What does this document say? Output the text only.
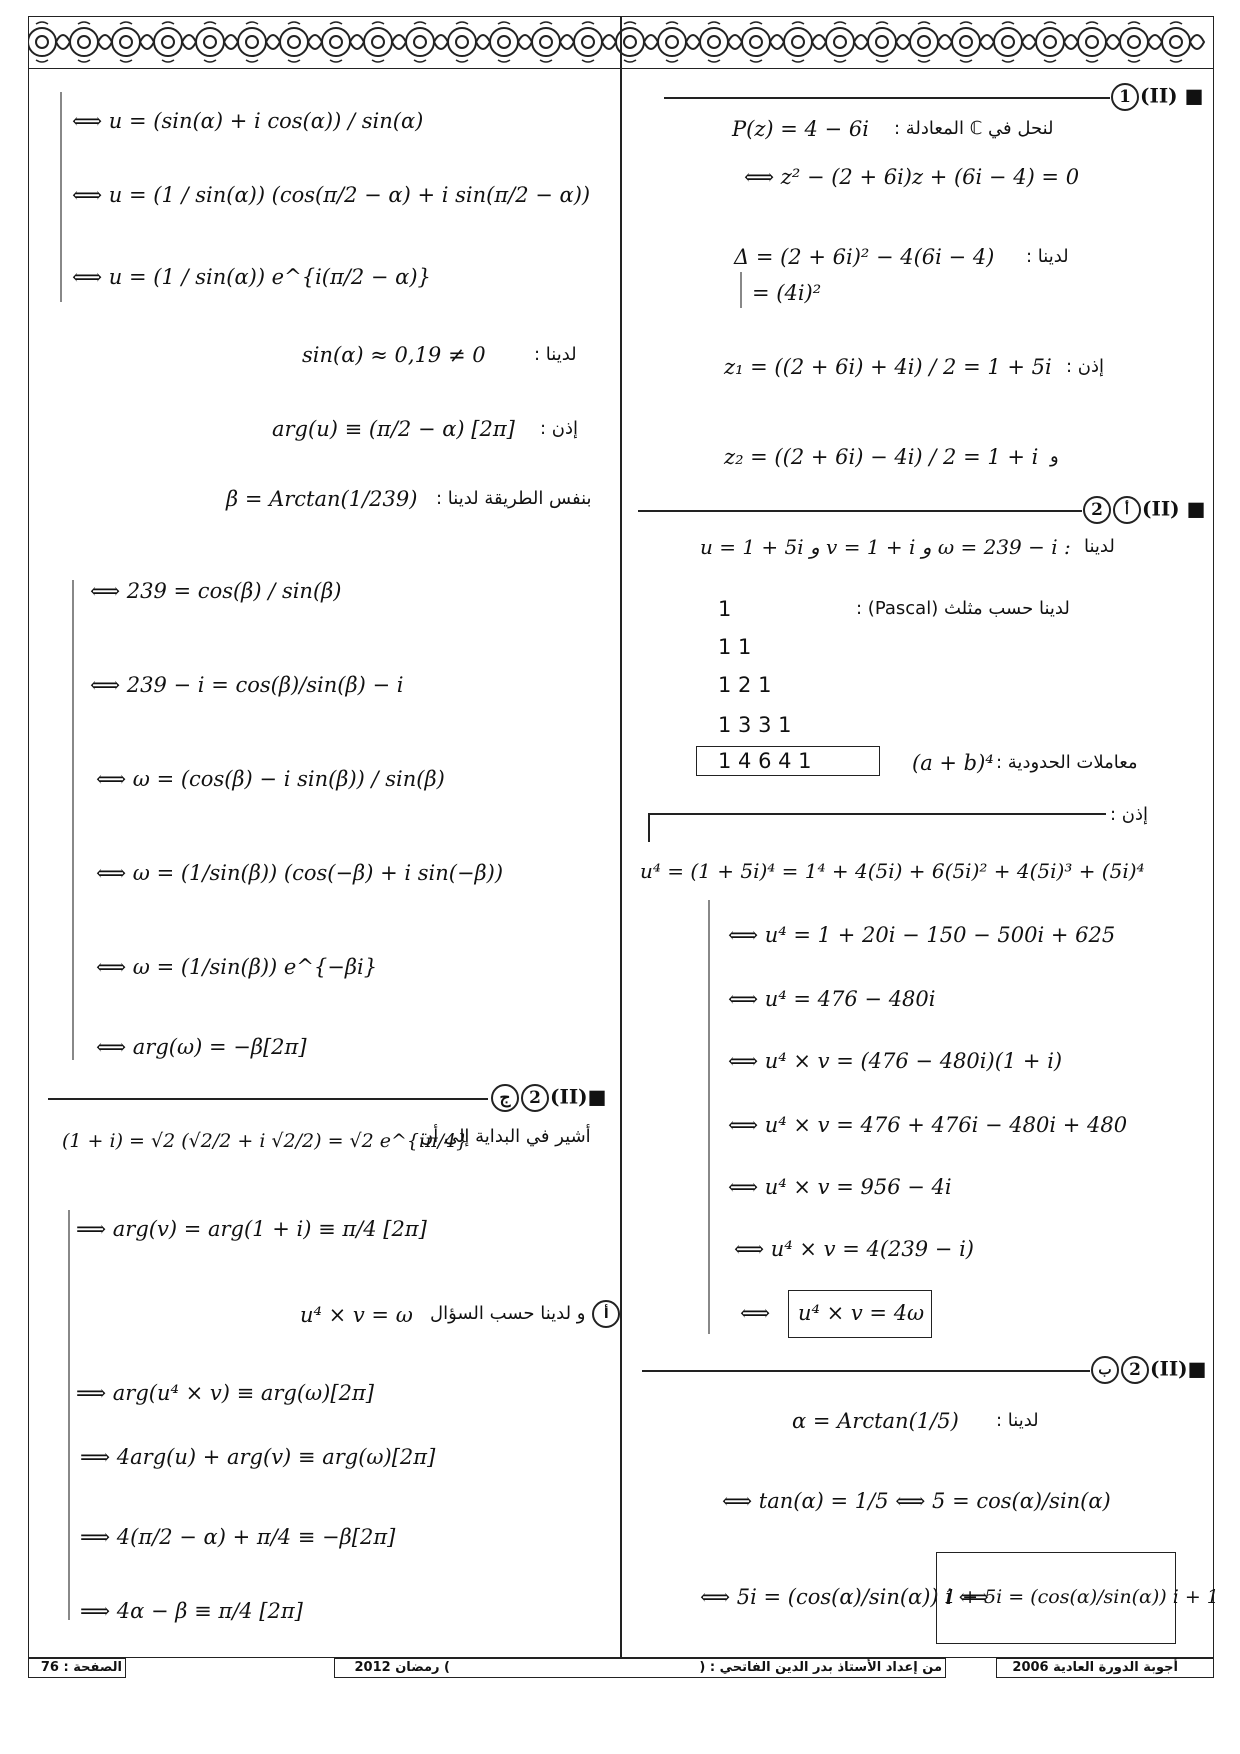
⟺ u = (sin(α) + i cos(α)) / sin(α)
⟺ u = (1 / sin(α)) (cos(π/2 − α) + i sin(π/2 − α))
⟺ u = (1 / sin(α)) e^{i(π/2 − α)}
لدينا :
sin(α) ≈ 0,19 ≠ 0
إذن :
arg(u) ≡ (π/2 − α) [2π]
بنفس الطريقة لدينا :
β = Arctan(1/239)
⟺ 239 = cos(β) / sin(β)
⟺ 239 − i = cos(β)/sin(β) − i
⟺ ω = (cos(β) − i sin(β)) / sin(β)
⟺ ω = (1/sin(β)) (cos(−β) + i sin(−β))
⟺ ω = (1/sin(β)) e^{−βi}
⟺ arg(ω) = −β[2π]
ج 2 (II)■
أشير في البداية إلى أن
(1 + i) = √2 (√2/2 + i √2/2) = √2 e^{iπ/4}
⟹ arg(v) = arg(1 + i) ≡ π/4 [2π]
أ و لدينا حسب السؤال
u⁴ × v = ω
⟹ arg(u⁴ × v) ≡ arg(ω)[2π]
⟹ 4arg(u) + arg(v) ≡ arg(ω)[2π]
⟹ 4(π/2 − α) + π/4 ≡ −β[2π]
⟹ 4α − β ≡ π/4 [2π]
1 (II) ■
لنحل في ℂ المعادلة :
P(z) = 4 − 6i
⟺ z² − (2 + 6i)z + (6i − 4) = 0
لدينا :
Δ = (2 + 6i)² − 4(6i − 4)
= (4i)²
إذن :
z₁ = ((2 + 6i) + 4i) / 2 = 1 + 5i
و
z₂ = ((2 + 6i) − 4i) / 2 = 1 + i
2 أ (II) ■
لدينا
u = 1 + 5i و v = 1 + i و ω = 239 − i :
لدينا حسب مثلث (Pascal) :
1
1 1
1 2 1
1 3 3 1
1 4 6 4 1	معاملات الحدودية :
(a + b)⁴
إذن :
u⁴ = (1 + 5i)⁴ = 1⁴ + 4(5i) + 6(5i)² + 4(5i)³ + (5i)⁴
⟺ u⁴ = 1 + 20i − 150 − 500i + 625
⟺ u⁴ = 476 − 480i
⟺ u⁴ × v = (476 − 480i)(1 + i)
⟺ u⁴ × v = 476 + 476i − 480i + 480
⟺ u⁴ × v = 956 − 4i
⟺ u⁴ × v = 4(239 − i)
⟺ u⁴ × v = 4ω
ب 2 (II)■
لدينا :
α = Arctan(1/5)
⟺ tan(α) = 1/5 ⟺ 5 = cos(α)/sin(α)
⟺ 5i = (cos(α)/sin(α)) i ⟺
1 + 5i = (cos(α)/sin(α)) i + 1
الصفحة : 76	) رمضان 2012	من إعداد الأستاذ بدر الدين الفاتحي : (	أجوبة الدورة العادية 2006
